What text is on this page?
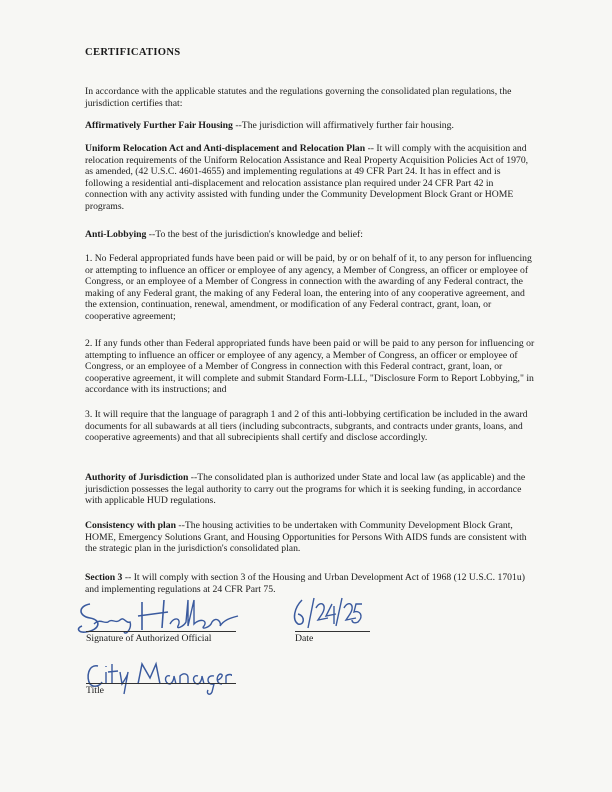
CERTIFICATIONS
In accordance with the applicable statutes and the regulations governing the consolidated plan regulations, the jurisdiction certifies that:
Affirmatively Further Fair Housing --The jurisdiction will affirmatively further fair housing.
Uniform Relocation Act and Anti-displacement and Relocation Plan -- It will comply with the acquisition and relocation requirements of the Uniform Relocation Assistance and Real Property Acquisition Policies Act of 1970, as amended, (42 U.S.C. 4601-4655) and implementing regulations at 49 CFR Part 24. It has in effect and is following a residential anti-displacement and relocation assistance plan required under 24 CFR Part 42 in connection with any activity assisted with funding under the Community Development Block Grant or HOME programs.
Anti-Lobbying --To the best of the jurisdiction's knowledge and belief:
1. No Federal appropriated funds have been paid or will be paid, by or on behalf of it, to any person for influencing or attempting to influence an officer or employee of any agency, a Member of Congress, an officer or employee of Congress, or an employee of a Member of Congress in connection with the awarding of any Federal contract, the making of any Federal grant, the making of any Federal loan, the entering into of any cooperative agreement, and the extension, continuation, renewal, amendment, or modification of any Federal contract, grant, loan, or cooperative agreement;
2. If any funds other than Federal appropriated funds have been paid or will be paid to any person for influencing or attempting to influence an officer or employee of any agency, a Member of Congress, an officer or employee of Congress, or an employee of a Member of Congress in connection with this Federal contract, grant, loan, or cooperative agreement, it will complete and submit Standard Form-LLL, "Disclosure Form to Report Lobbying," in accordance with its instructions; and
3. It will require that the language of paragraph 1 and 2 of this anti-lobbying certification be included in the award documents for all subawards at all tiers (including subcontracts, subgrants, and contracts under grants, loans, and cooperative agreements) and that all subrecipients shall certify and disclose accordingly.
Authority of Jurisdiction --The consolidated plan is authorized under State and local law (as applicable) and the jurisdiction possesses the legal authority to carry out the programs for which it is seeking funding, in accordance with applicable HUD regulations.
Consistency with plan --The housing activities to be undertaken with Community Development Block Grant, HOME, Emergency Solutions Grant, and Housing Opportunities for Persons With AIDS funds are consistent with the strategic plan in the jurisdiction's consolidated plan.
Section 3 -- It will comply with section 3 of the Housing and Urban Development Act of 1968 (12 U.S.C. 1701u) and implementing regulations at 24 CFR Part 75.
Signature of Authorized Official	Date
Title
